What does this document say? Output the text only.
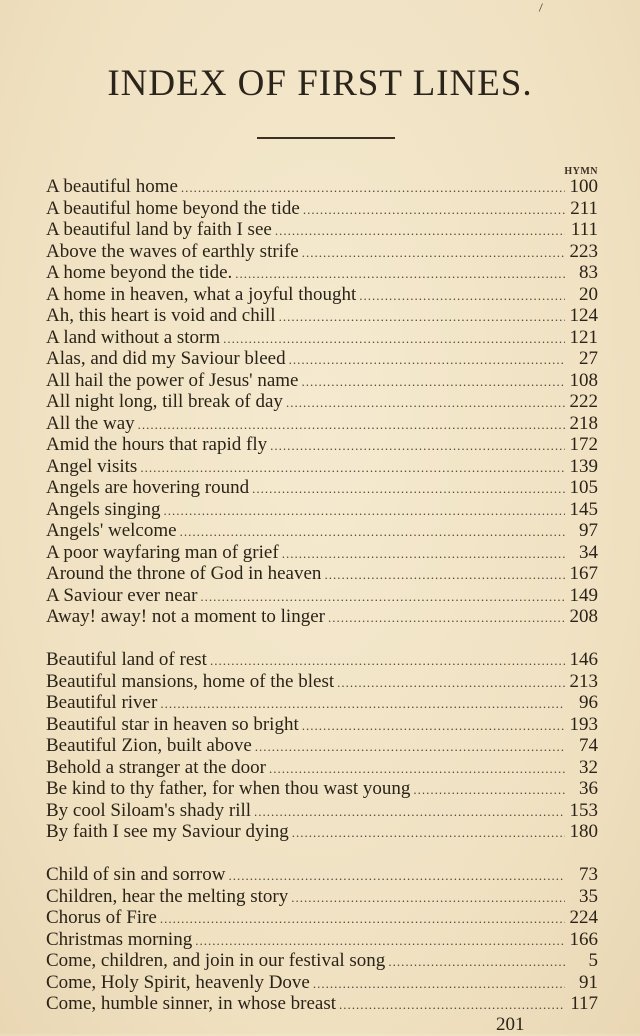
\
INDEX OF FIRST LINES.
HYMN
A beautiful home .....	100
A beautiful home beyond the tide .....	211
A beautiful land by faith I see .....	111
Above the waves of earthly strife .....	223
A home beyond the tide. .....	83
A home in heaven, what a joyful thought .....	20
Ah, this heart is void and chill .....	124
A land without a storm .....	121
Alas, and did my Saviour bleed .....	27
All hail the power of Jesus' name .....	108
All night long, till break of day .....	222
All the way .....	218
Amid the hours that rapid fly .....	172
Angel visits .....	139
Angels are hovering round .....	105
Angels singing .....	145
Angels' welcome .....	97
A poor wayfaring man of grief .....	34
Around the throne of God in heaven .....	167
A Saviour ever near .....	149
Away! away! not a moment to linger .....	208
Beautiful land of rest .....	146
Beautiful mansions, home of the blest .....	213
Beautiful river .....	96
Beautiful star in heaven so bright .....	193
Beautiful Zion, built above .....	74
Behold a stranger at the door .....	32
Be kind to thy father, for when thou wast young .....	36
By cool Siloam's shady rill .....	153
By faith I see my Saviour dying .....	180
Child of sin and sorrow .....	73
Children, hear the melting story .....	35
Chorus of Fire .....	224
Christmas morning .....	166
Come, children, and join in our festival song .....	5
Come, Holy Spirit, heavenly Dove .....	91
Come, humble sinner, in whose breast .....	117
201
